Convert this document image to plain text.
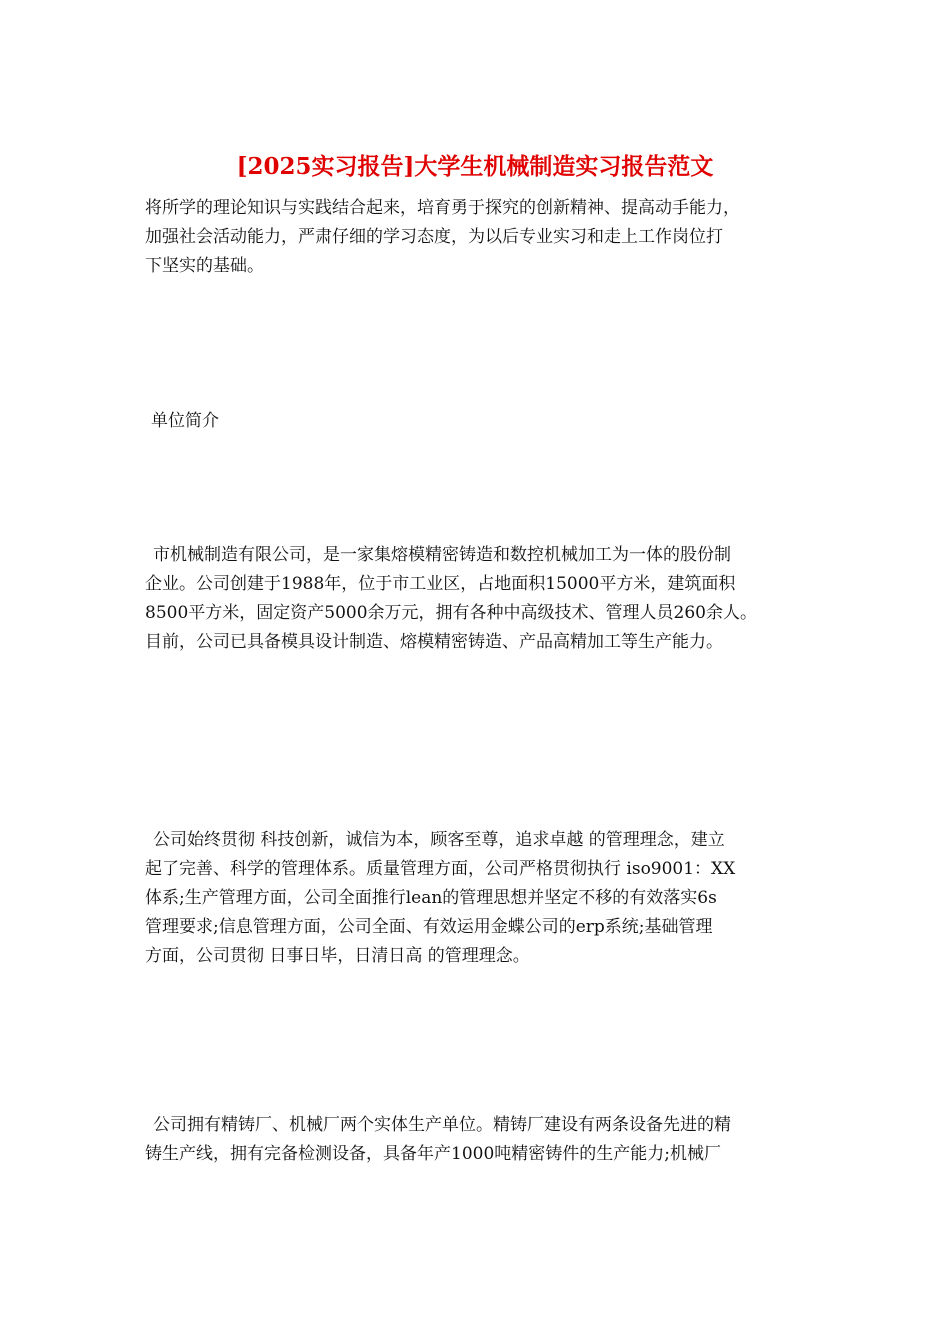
[2025实习报告]大学生机械制造实习报告范文
将所学的理论知识与实践结合起来，培育勇于探究的创新精神、提高动手能力，
加强社会活动能力，严肃仔细的学习态度，为以后专业实习和走上工作岗位打
下坚实的基础。
单位简介
市机械制造有限公司，是一家集熔模精密铸造和数控机械加工为一体的股份制
企业。公司创建于1988年，位于市工业区，占地面积15000平方米，建筑面积
8500平方米，固定资产5000余万元，拥有各种中高级技术、管理人员260余人。
目前，公司已具备模具设计制造、熔模精密铸造、产品高精加工等生产能力。
公司始终贯彻 科技创新，诚信为本，顾客至尊，追求卓越 的管理理念，建立
起了完善、科学的管理体系。质量管理方面，公司严格贯彻执行 iso9001：XX
体系;生产管理方面，公司全面推行lean的管理思想并坚定不移的有效落实6s
管理要求;信息管理方面，公司全面、有效运用金蝶公司的erp系统;基础管理
方面，公司贯彻 日事日毕，日清日高 的管理理念。
公司拥有精铸厂、机械厂两个实体生产单位。精铸厂建设有两条设备先进的精
铸生产线，拥有完备检测设备，具备年产1000吨精密铸件的生产能力;机械厂
